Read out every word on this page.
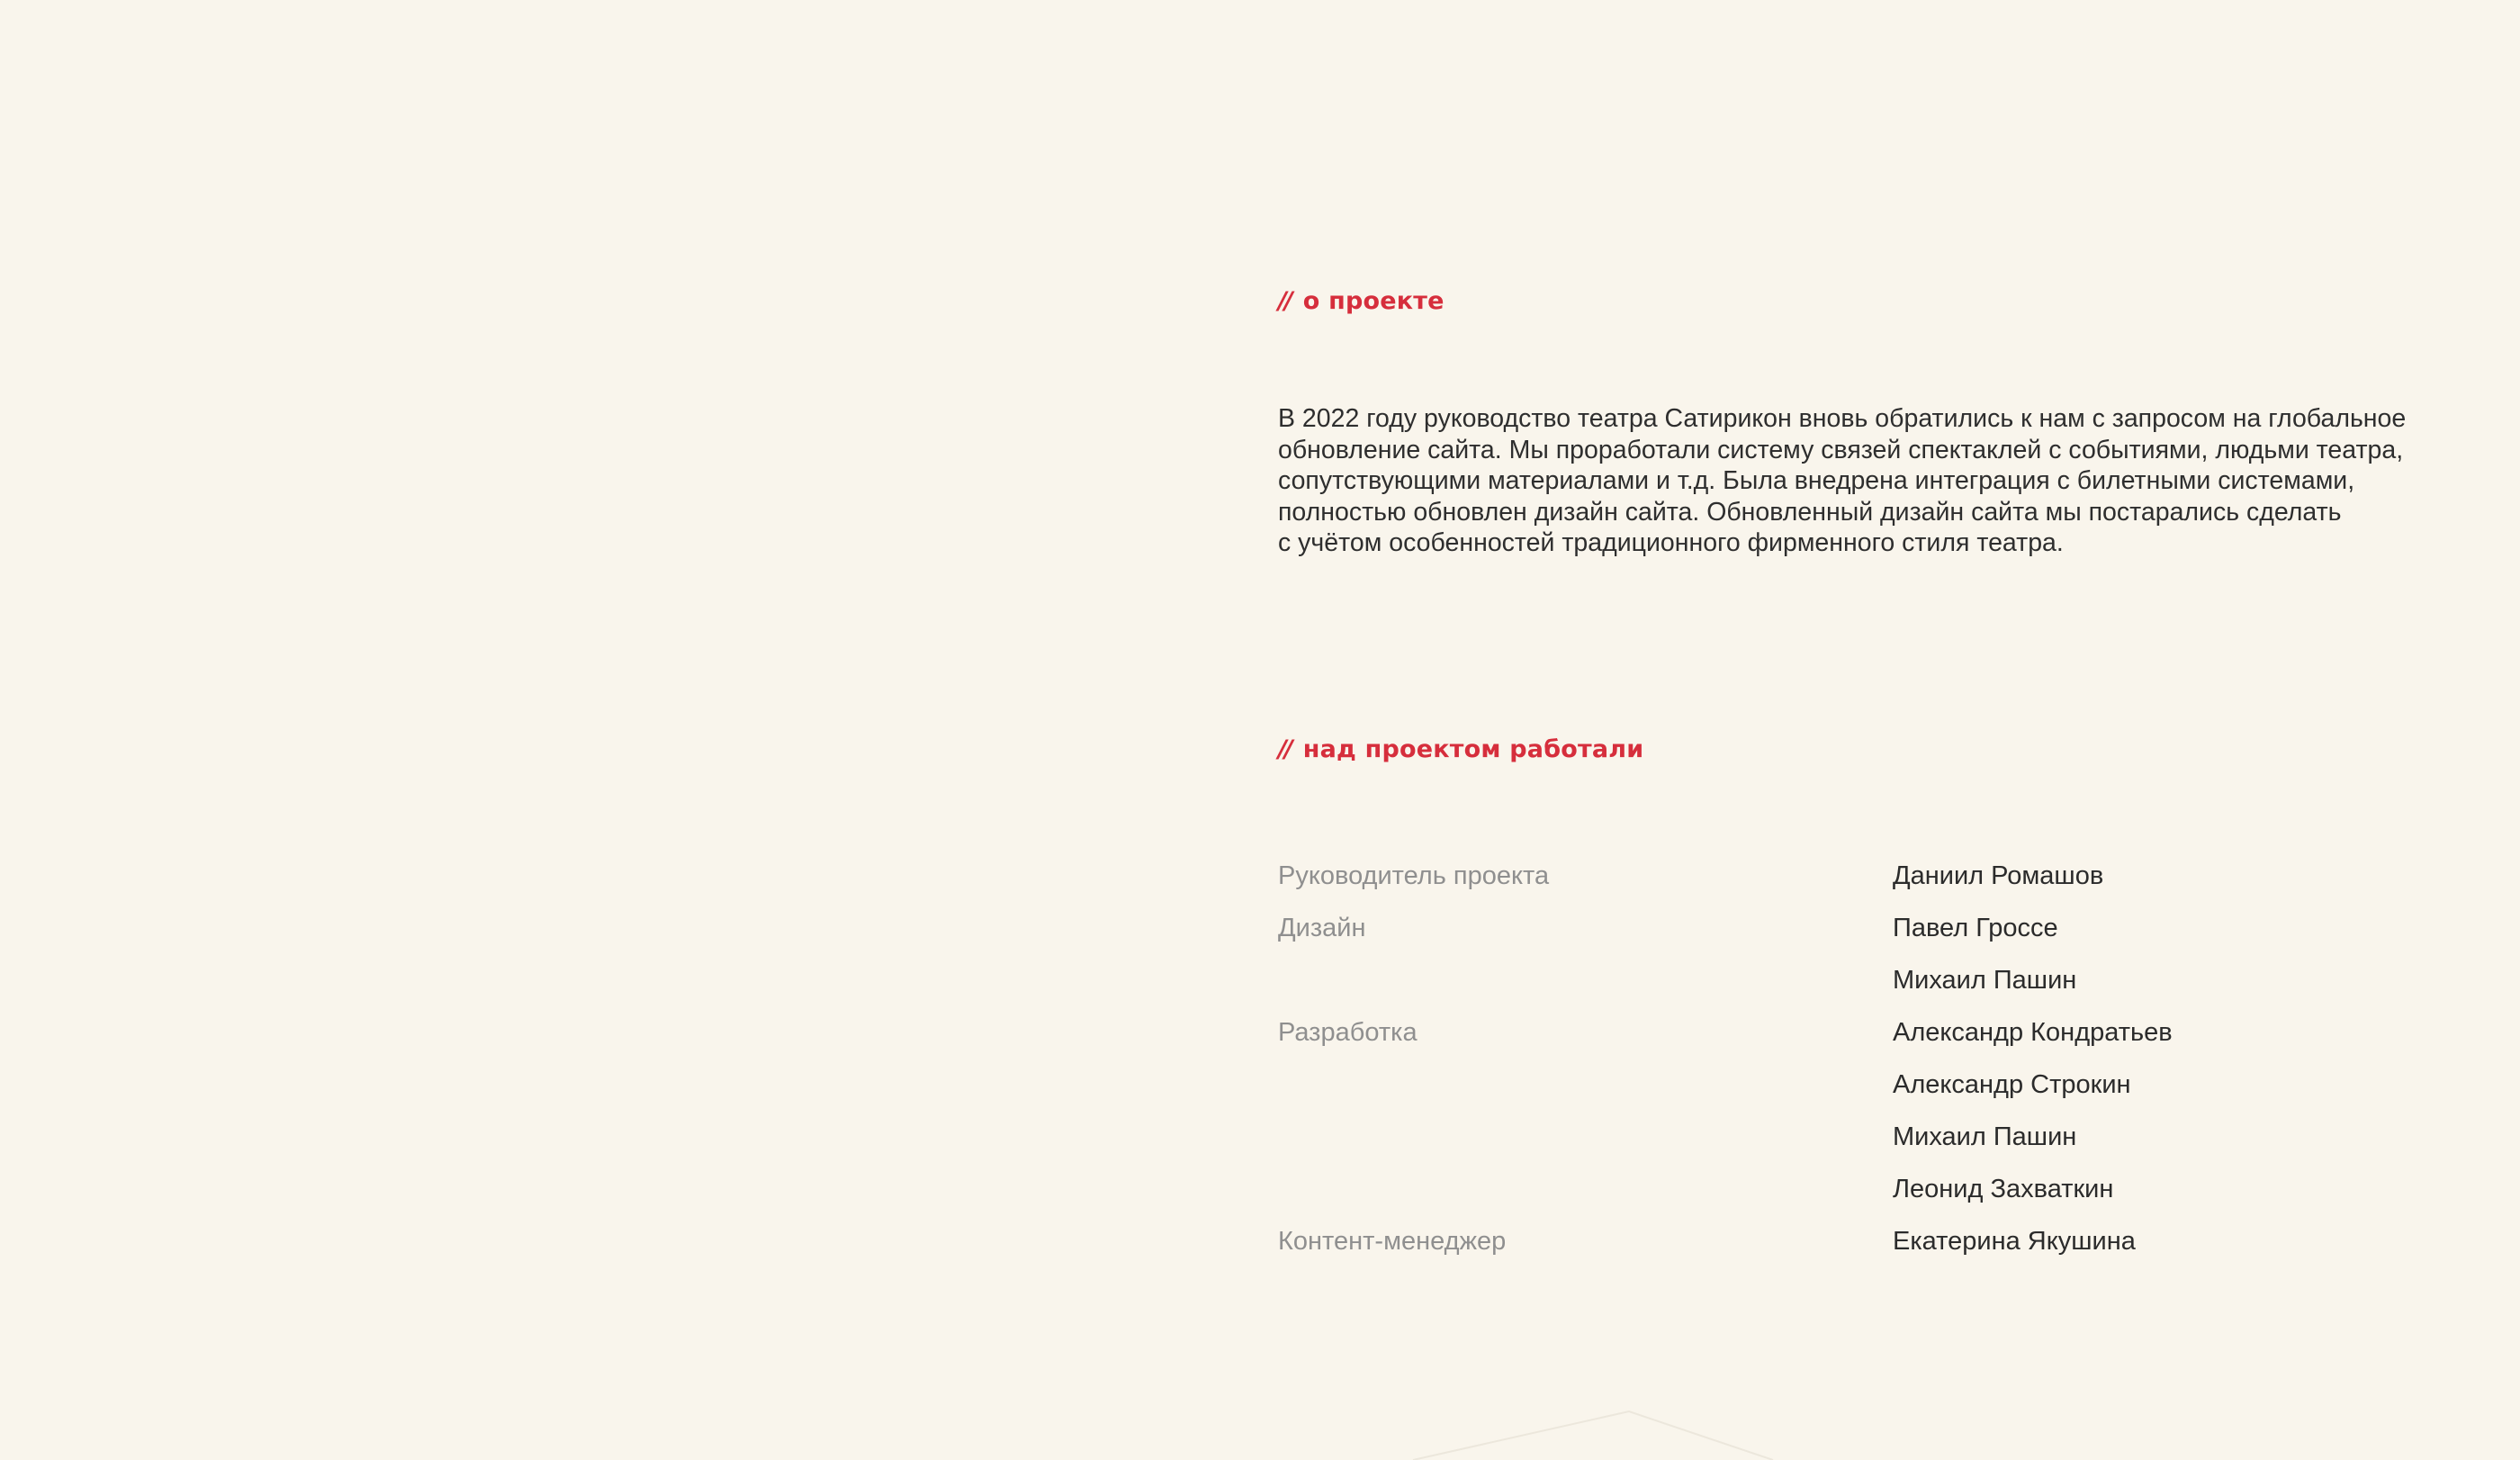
// о проекте

В 2022 году руководство театра Сатирикон вновь обратились к нам с запросом на глобальное
обновление сайта. Мы проработали систему связей спектаклей с событиями, людьми театра,
сопутствующими материалами и т.д. Была внедрена интеграция с билетными системами,
полностью обновлен дизайн сайта. Обновленный дизайн сайта мы постарались сделать
с учётом особенностей традиционного фирменного стиля театра.

// над проектом работали
Руководитель проекта	Даниил Ромашов
Дизайн	Павел Гроссе
Михаил Пашин
Разработка	Александр Кондратьев
Александр Строкин
Михаил Пашин
Леонид Захваткин
Контент-менеджер	Екатерина Якушина
